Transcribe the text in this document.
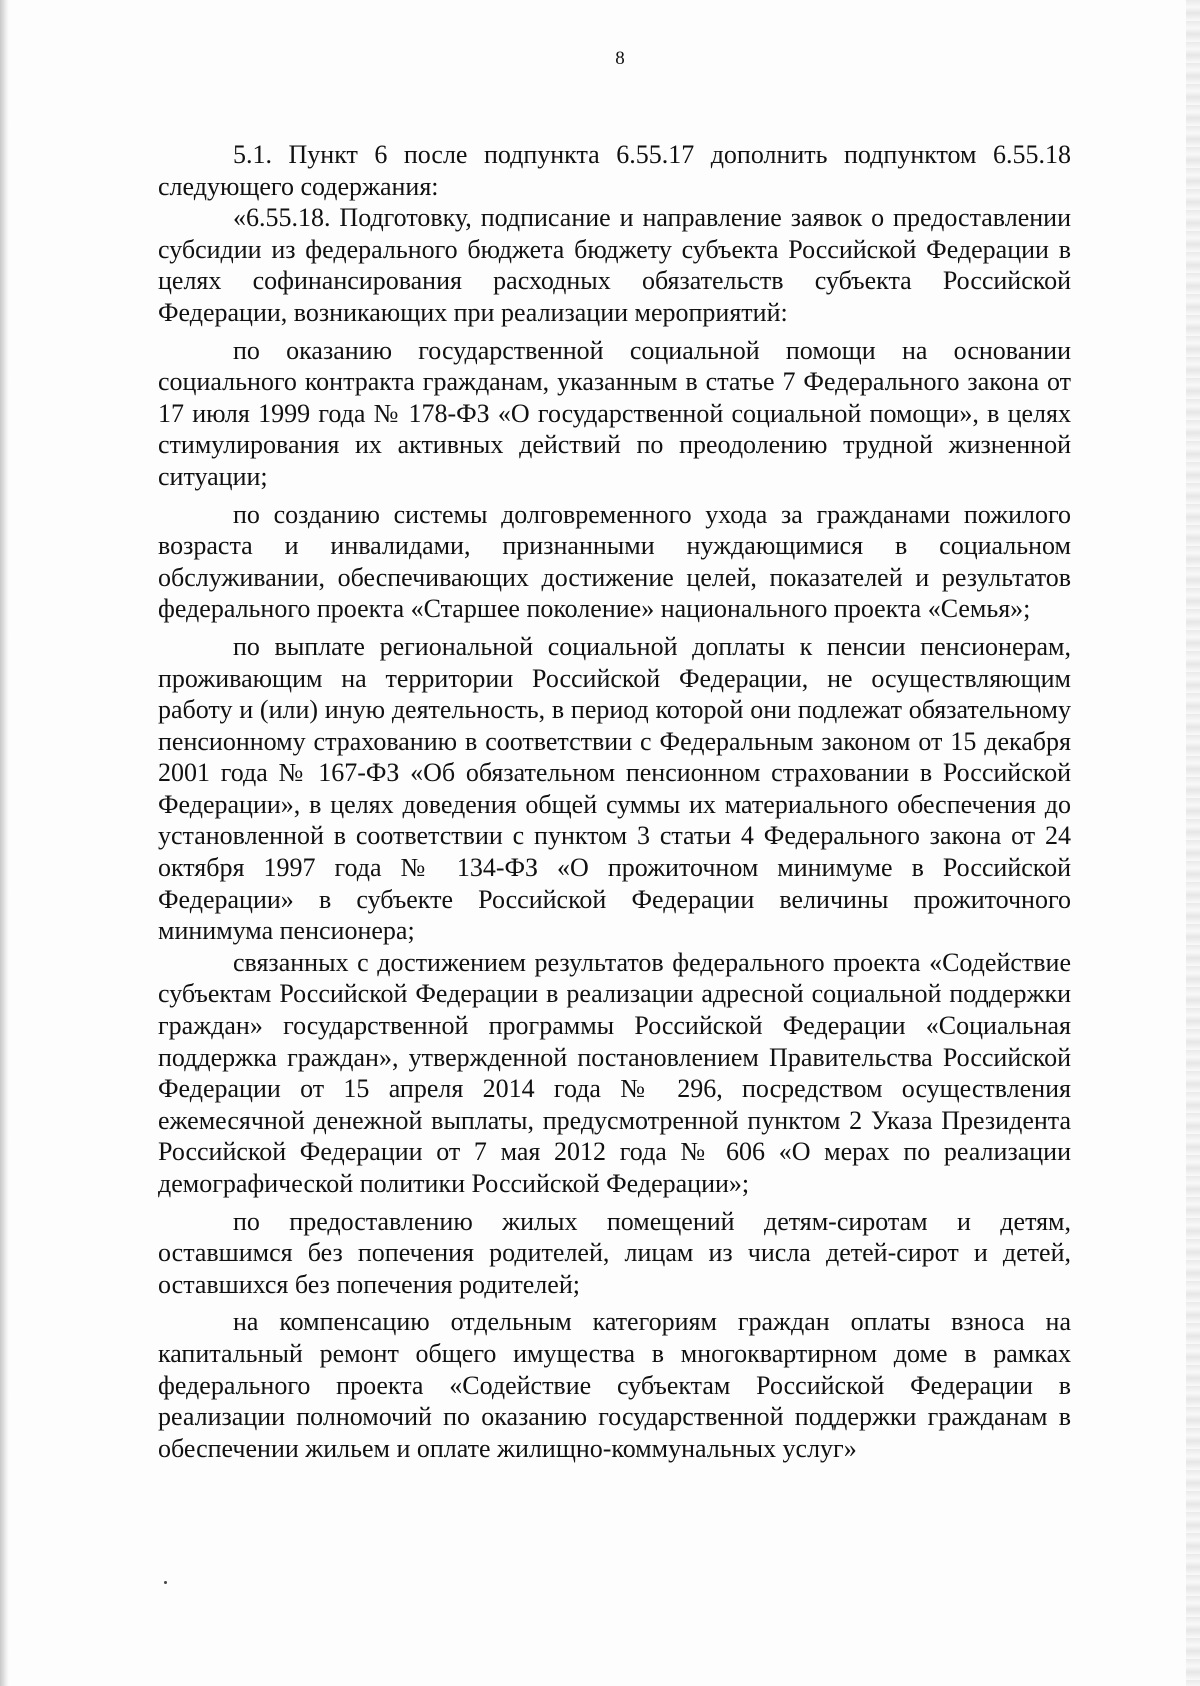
8

5.1. Пункт 6 после подпункта 6.55.17 дополнить подпунктом 6.55.18 следующего содержания:

«6.55.18. Подготовку, подписание и направление заявок о предоставлении субсидии из федерального бюджета бюджету субъекта Российской Федерации в целях софинансирования расходных обязательств субъекта Российской Федерации, возникающих при реализации мероприятий:

по оказанию государственной социальной помощи на основании социального контракта гражданам, указанным в статье 7 Федерального закона от 17 июля 1999 года № 178-ФЗ «О государственной социальной помощи», в целях стимулирования их активных действий по преодолению трудной жизненной ситуации;

по созданию системы долговременного ухода за гражданами пожилого возраста и инвалидами, признанными нуждающимися в социальном обслуживании, обеспечивающих достижение целей, показателей и результатов федерального проекта «Старшее поколение» национального проекта «Семья»;

по выплате региональной социальной доплаты к пенсии пенсионерам, проживающим на территории Российской Федерации, не осуществляющим работу и (или) иную деятельность, в период которой они подлежат обязательному пенсионному страхованию в соответствии с Федеральным законом от 15 декабря 2001 года № 167-ФЗ «Об обязательном пенсионном страховании в Российской Федерации», в целях доведения общей суммы их материального обеспечения до установленной в соответствии с пунктом 3 статьи 4 Федерального закона от 24 октября 1997 года № 134-ФЗ «О прожиточном минимуме в Российской Федерации» в субъекте Российской Федерации величины прожиточного минимума пенсионера;

связанных с достижением результатов федерального проекта «Содействие субъектам Российской Федерации в реализации адресной социальной поддержки граждан» государственной программы Российской Федерации «Социальная поддержка граждан», утвержденной постановлением Правительства Российской Федерации от 15 апреля 2014 года № 296, посредством осуществления ежемесячной денежной выплаты, предусмотренной пунктом 2 Указа Президента Российской Федерации от 7 мая 2012 года № 606 «О мерах по реализации демографической политики Российской Федерации»;

по предоставлению жилых помещений детям-сиротам и детям, оставшимся без попечения родителей, лицам из числа детей-сирот и детей, оставшихся без попечения родителей;

на компенсацию отдельным категориям граждан оплаты взноса на капитальный ремонт общего имущества в многоквартирном доме в рамках федерального проекта «Содействие субъектам Российской Федерации в реализации полномочий по оказанию государственной поддержки гражданам в обеспечении жильем и оплате жилищно-коммунальных услуг»
